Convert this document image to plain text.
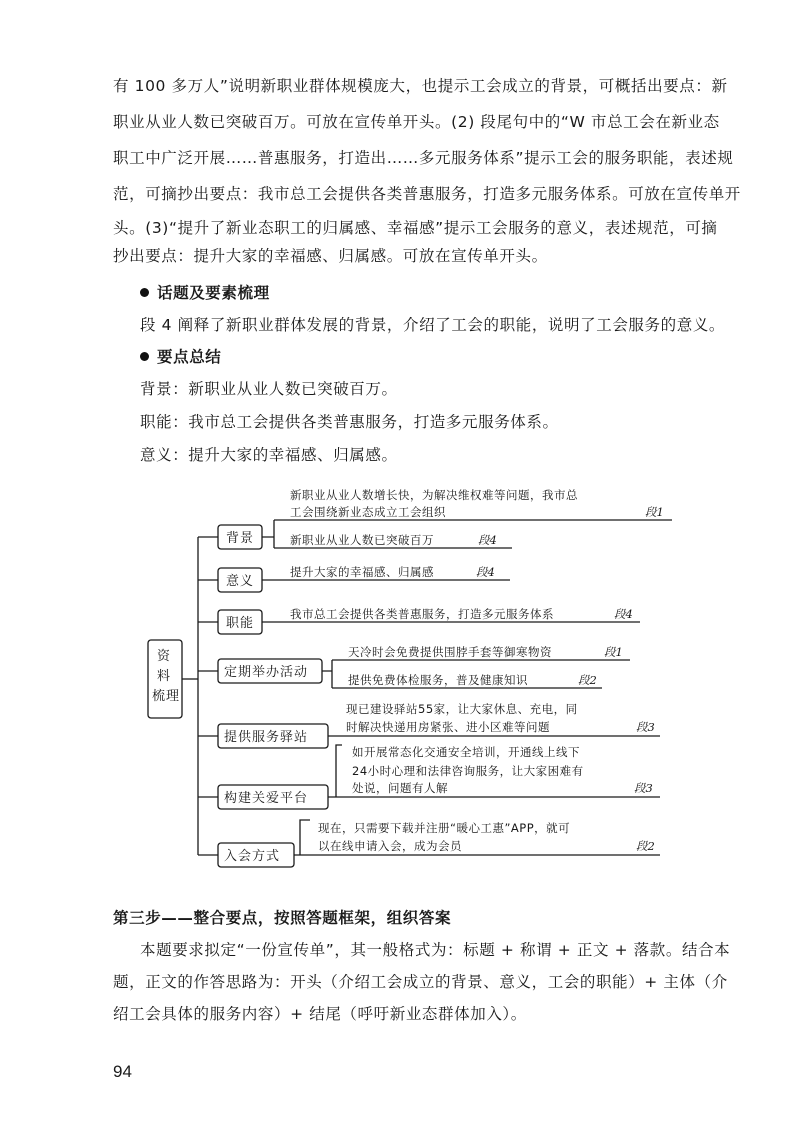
有 100 多万人”说明新职业群体规模庞大，也提示工会成立的背景，可概括出要点：新
职业从业人数已突破百万。可放在宣传单开头。(2) 段尾句中的“W 市总工会在新业态
职工中广泛开展……普惠服务，打造出……多元服务体系”提示工会的服务职能，表述规
范，可摘抄出要点：我市总工会提供各类普惠服务，打造多元服务体系。可放在宣传单开
头。(3)“提升了新业态职工的归属感、幸福感”提示工会服务的意义，表述规范，可摘
抄出要点：提升大家的幸福感、归属感。可放在宣传单开头。
话题及要素梳理
段 4 阐释了新职业群体发展的背景，介绍了工会的职能，说明了工会服务的意义。
要点总结
背景：新职业从业人数已突破百万。
职能：我市总工会提供各类普惠服务，打造多元服务体系。
意义：提升大家的幸福感、归属感。
资
料
梳理
背景
意义
职能
定期举办活动
提供服务驿站
构建关爱平台
入会方式
新职业从业人数增长快，为解决维权难等问题，我市总
工会围绕新业态成立工会组织	段1
新职业从业人数已突破百万	段4
提升大家的幸福感、归属感	段4
我市总工会提供各类普惠服务，打造多元服务体系	段4
天冷时会免费提供围脖手套等御寒物资	段1
提供免费体检服务，普及健康知识	段2
现已建设驿站55家，让大家休息、充电，同
时解决快递用房紧张、进小区难等问题	段3
如开展常态化交通安全培训，开通线上线下
24小时心理和法律咨询服务，让大家困难有
处说，问题有人解	段3
现在，只需要下载并注册“暖心工惠”APP，就可
以在线申请入会，成为会员	段2
第三步——整合要点，按照答题框架，组织答案
本题要求拟定“一份宣传单”，其一般格式为：标题 + 称谓 + 正文 + 落款。结合本
题，正文的作答思路为：开头（介绍工会成立的背景、意义，工会的职能）+ 主体（介
绍工会具体的服务内容）+ 结尾（呼吁新业态群体加入）。
94
